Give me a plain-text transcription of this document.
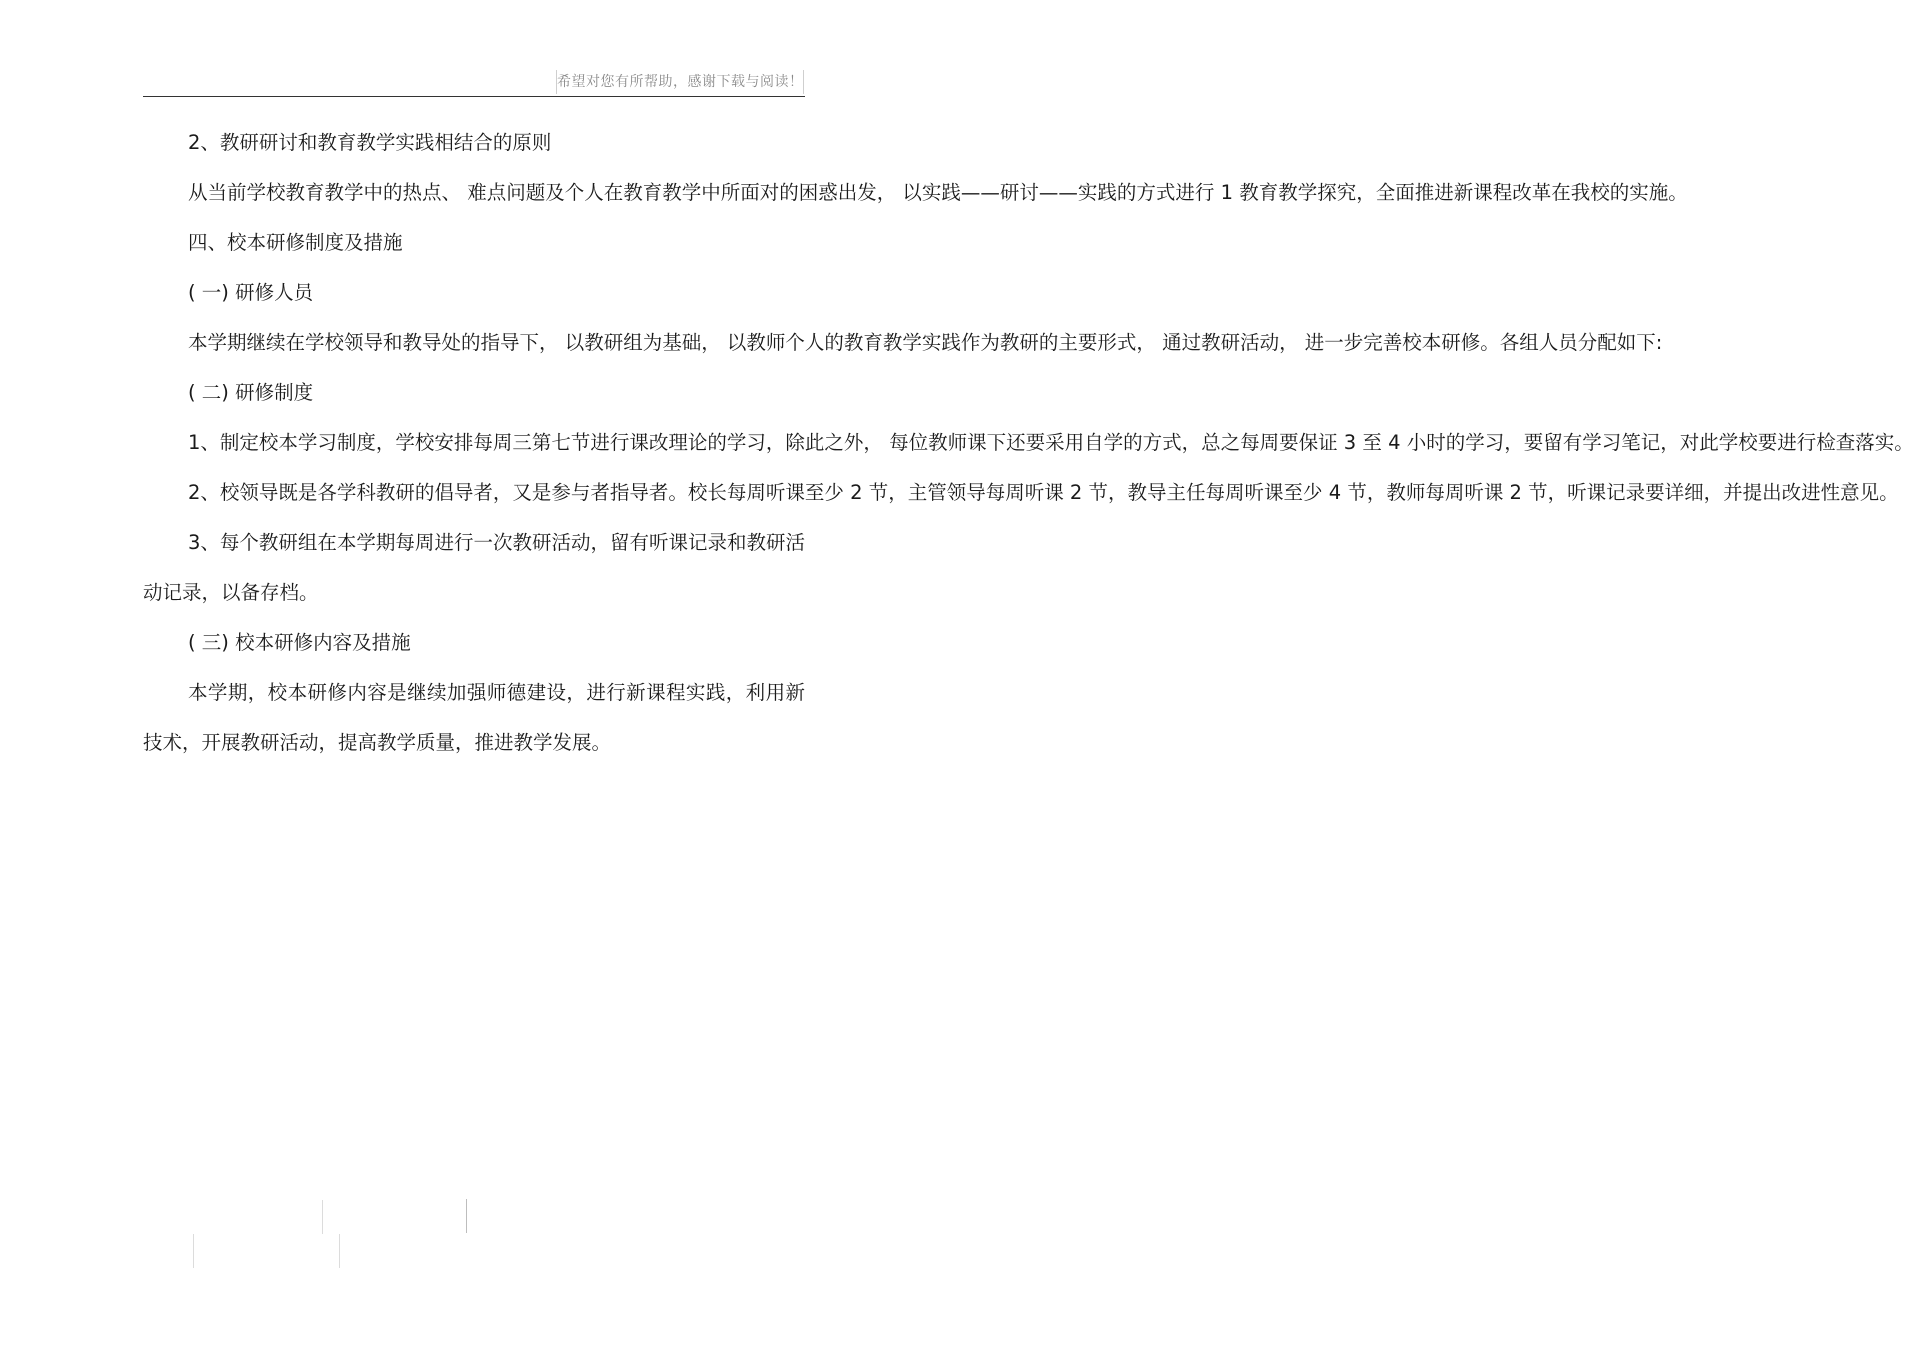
希望对您有所帮助，感谢下载与阅读！

2、教研研讨和教育教学实践相结合的原则

从当前学校教育教学中的热点、 难点问题及个人在教育教学中所面对的困惑出发， 以实践——研讨——实践的方式进行 1 教育教学探究，全面推进新课程改革在我校的实施。

四、校本研修制度及措施

( 一) 研修人员

本学期继续在学校领导和教导处的指导下， 以教研组为基础， 以教师个人的教育教学实践作为教研的主要形式， 通过教研活动， 进一步完善校本研修。各组人员分配如下:

( 二) 研修制度

1、制定校本学习制度，学校安排每周三第七节进行课改理论的学习，除此之外， 每位教师课下还要采用自学的方式，总之每周要保证 3 至 4 小时的学习，要留有学习笔记，对此学校要进行检查落实。

2、校领导既是各学科教研的倡导者，又是参与者指导者。校长每周听课至少 2 节，主管领导每周听课 2 节，教导主任每周听课至少 4 节，教师每周听课 2 节，听课记录要详细，并提出改进性意见。

3、每个教研组在本学期每周进行一次教研活动，留有听课记录和教研活动记录，以备存档。

( 三) 校本研修内容及措施

本学期，校本研修内容是继续加强师德建设，进行新课程实践，利用新技术，开展教研活动，提高教学质量，推进教学发展。
